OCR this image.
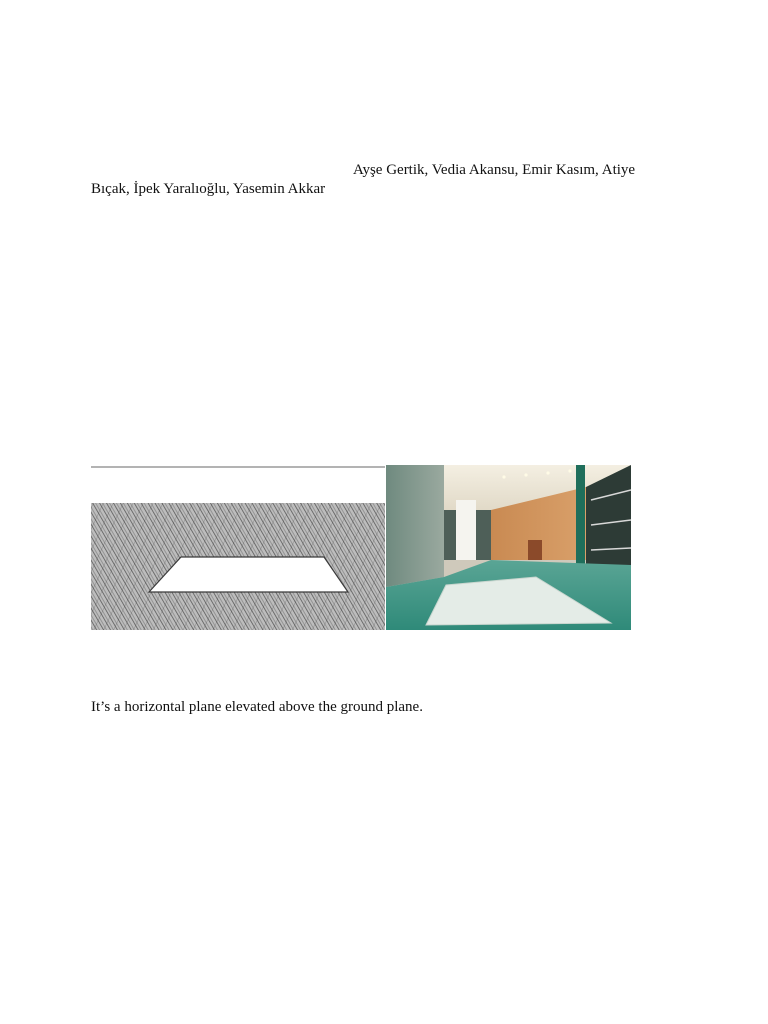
Ayşe Gertik, Vedia Akansu, Emir Kasım, Atiye
Bıçak, İpek Yaralıoğlu, Yasemin Akkar
It’s a horizontal plane elevated above the ground plane.
